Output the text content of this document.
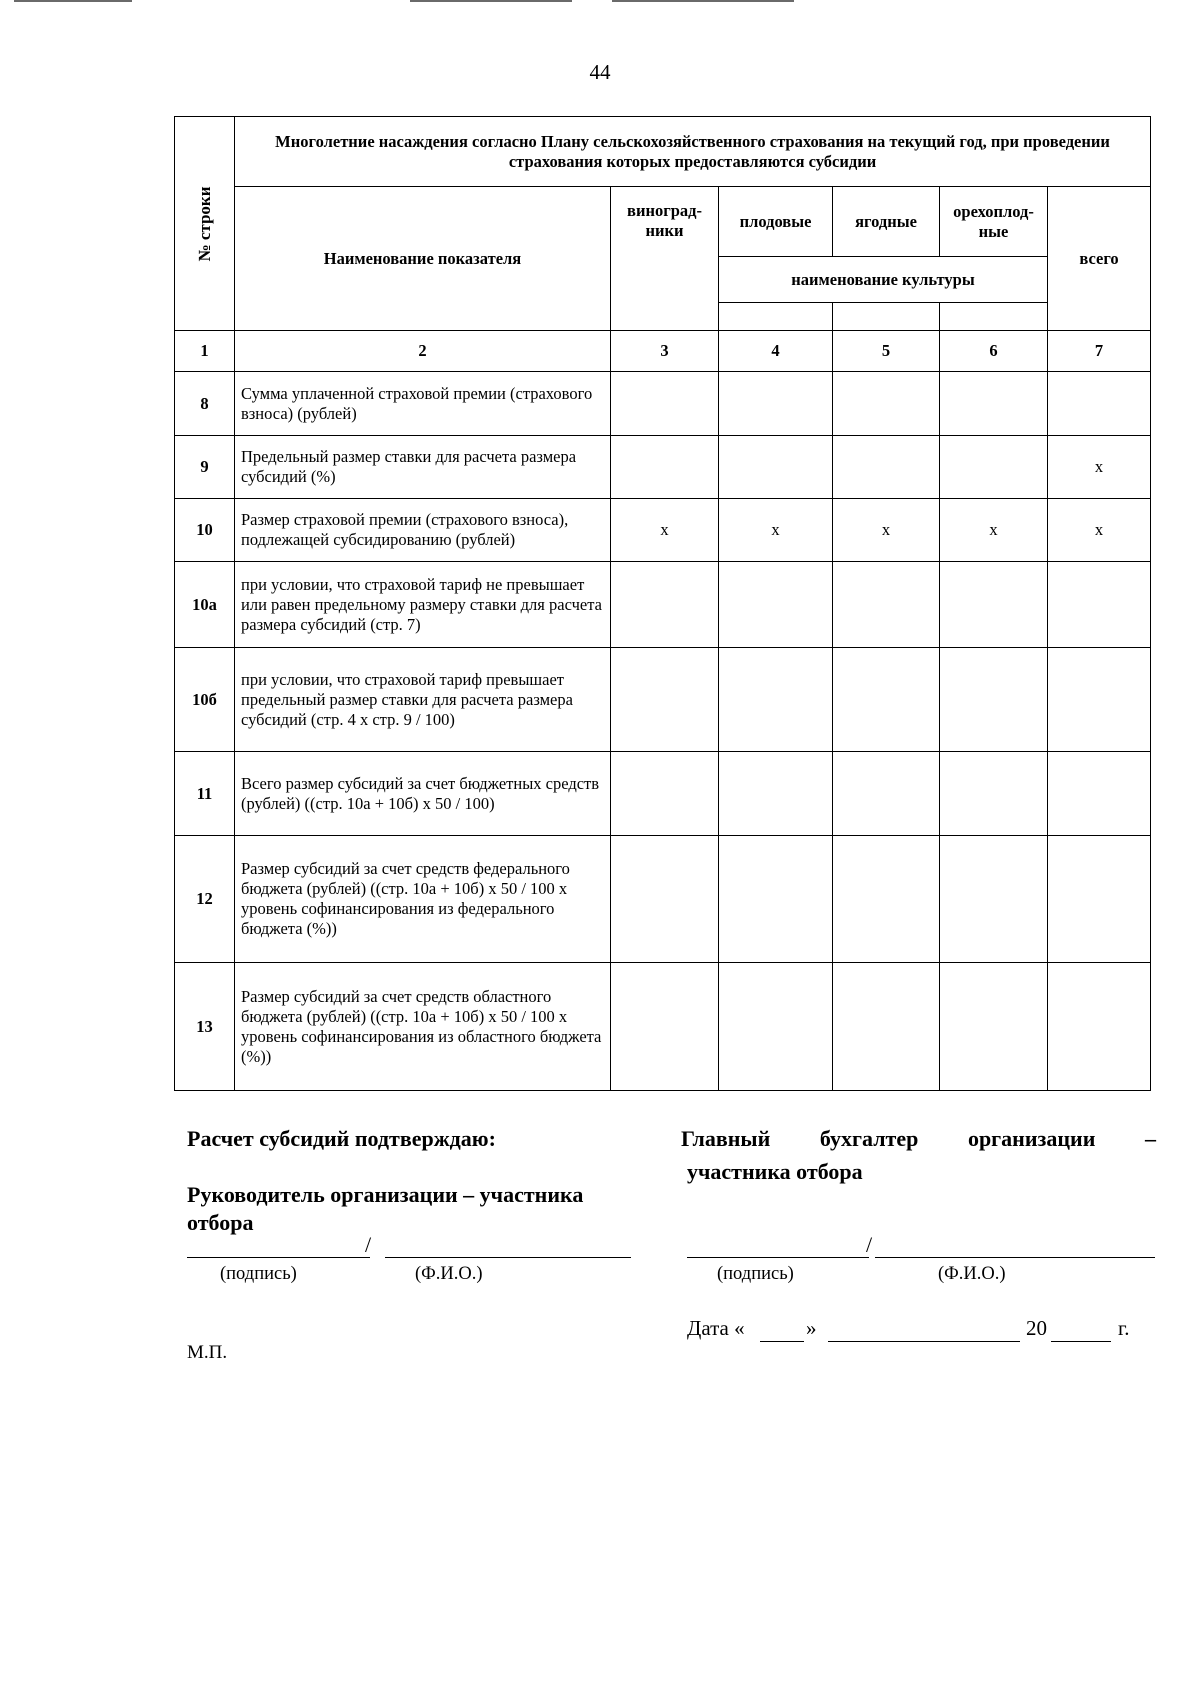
44
№ строки	Многолетние насаждения согласно Плану сельскохозяйственного страхования на текущий год, при проведении страхования которых предоставляются субсидии					
	Наименование показателя	виноград-ники	плодовые	ягодные	орехоплод-ные	всего
			наименование культуры			

1	2	3	4	5	6	7
8	Сумма уплаченной страховой премии (страхового взноса) (рублей)					
9	Предельный размер ставки для расчета размера субсидий (%)					х
10	Размер страховой премии (страхового взноса), подлежащей субсидированию (рублей)	х	х	х	х	х
10а	при условии, что страховой тариф не превышает или равен предельному размеру ставки для расчета размера субсидий (стр. 7)					
10б	при условии, что страховой тариф превышает предельный размер ставки для расчета размера субсидий (стр. 4 х стр. 9 / 100)					
11	Всего размер субсидий за счет бюджетных средств (рублей) ((стр. 10а + 10б) х 50 / 100)					
12	Размер субсидий за счет средств федерального бюджета (рублей) ((стр. 10а + 10б) х 50 / 100 х уровень софинансирования из федерального бюджета (%))					
13	Размер субсидий за счет средств областного бюджета (рублей) ((стр. 10а + 10б) х 50 / 100 х уровень софинансирования из областного бюджета (%))					
Расчет субсидий подтверждаю:
Руководитель организации – участника отбора
/
(подпись)	(Ф.И.О.)
М.П.
Главный бухгалтер организации –
участника отбора
/
(подпись)	(Ф.И.О.)
Дата «	»	20	г.
